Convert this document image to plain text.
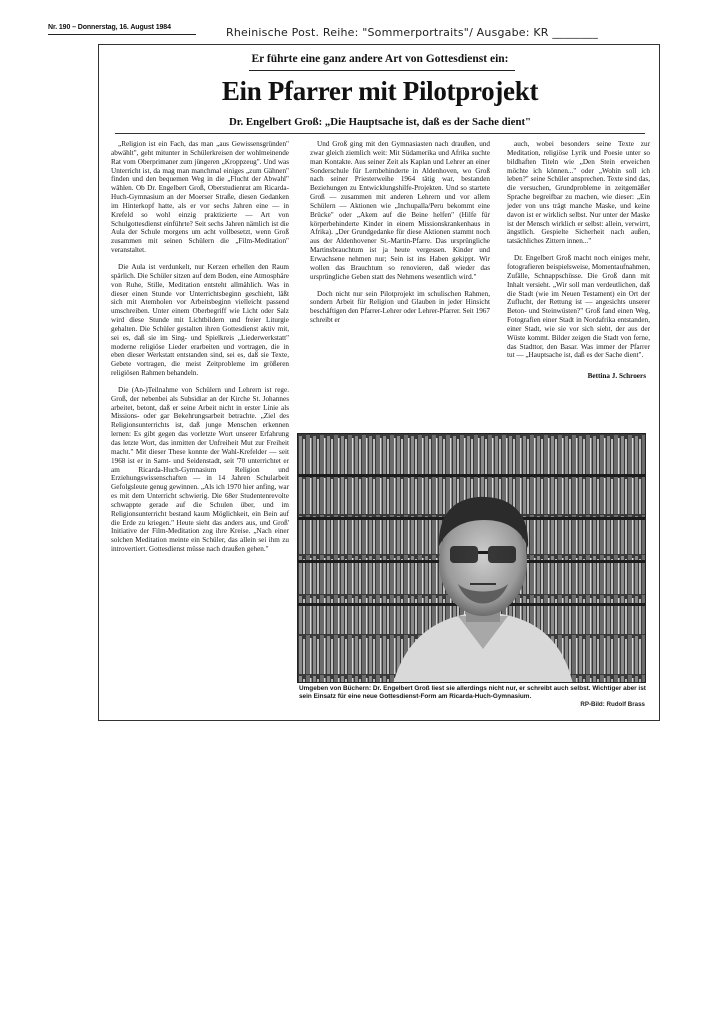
Nr. 190 – Donnerstag, 16. August 1984	Rheinische Post. Reihe: "Sommerportraits"/ Ausgabe: KR ________
Er führte eine ganz andere Art von Gottesdienst ein:
Ein Pfarrer mit Pilotprojekt
Dr. Engelbert Groß: „Die Hauptsache ist, daß es der Sache dient"

„Religion ist ein Fach, das man „aus Gewissensgründen" abwählt", geht mitunter in Schülerkreisen der wohlmeinende Rat vom Oberprimaner zum jüngeren „Kroppzeug". Und was Unterricht ist, da mag man manchmal einiges „zum Gähnen" finden und den bequemen Weg in die „Flucht der Abwahl" wählen. Ob Dr. Engelbert Groß, Oberstudienrat am Ricarda-Huch-Gymnasium an der Moerser Straße, diesen Gedanken im Hinterkopf hatte, als er vor sechs Jahren eine — in Krefeld so wohl einzig praktizierte — Art von Schulgottesdienst einführte? Seit sechs Jahren nämlich ist die Aula der Schule morgens um acht vollbesetzt, wenn Groß zusammen mit seinen Schülern die „Film-Meditation" veranstaltet.

Die Aula ist verdunkelt, nur Kerzen erhellen den Raum spärlich. Die Schüler sitzen auf dem Boden, eine Atmosphäre von Ruhe, Stille, Meditation entsteht allmählich. Was in dieser einen Stunde vor Unterrichtsbeginn geschieht, läßt sich mit Atemholen vor Arbeitsbeginn vielleicht passend umschreiben. Unter einem Oberbegriff wie Licht oder Salz wird diese Stunde mit Lichtbildern und freier Liturgie gehalten. Die Schüler gestalten ihren Gottesdienst aktiv mit, sei es, daß sie im Sing- und Spielkreis „Liederwerkstatt" moderne religiöse Lieder erarbeiten und vortragen, die in eben dieser Werkstatt entstanden sind, sei es, daß sie Texte, Gebete vortragen, die meist Zeitprobleme im größeren religiösen Rahmen behandeln.

Die (An-)Teilnahme von Schülern und Lehrern ist rege. Groß, der nebenbei als Subsidiar an der Kirche St. Johannes arbeitet, betont, daß er seine Arbeit nicht in erster Linie als Missions- oder gar Bekehrungsarbeit betrachte. „Ziel des Religionsunterrichts ist, daß junge Menschen erkennen lernen: Es gibt gegen das vorletzte Wort unserer Erfahrung das letzte Wort, das inmitten der Unfreiheit Mut zur Freiheit macht." Mit dieser These konnte der Wahl-Krefelder — seit 1968 ist er in Samt- und Seidenstadt, seit '70 unterrichtet er am Ricarda-Huch-Gymnasium Religion und Erziehungswissenschaften — in 14 Jahren Schularbeit Gefolgsleute genug gewinnen. „Als ich 1970 hier anfing, war es mit dem Unterricht schwierig. Die 68er Studentenrevolte schwappte gerade auf die Schulen über, und im Religionsunterricht bestand kaum Möglichkeit, ein Bein auf die Erde zu kriegen." Heute sieht das anders aus, und Groß' Initiative der Film-Meditation zog ihre Kreise. „Nach einer solchen Meditation meinte ein Schüler, das allein sei ihm zu introvertiert. Gottesdienst müsse nach draußen gehen."

Und Groß ging mit den Gymnasiasten nach draußen, und zwar gleich ziemlich weit: Mit Südamerika und Afrika suchte man Kontakte. Aus seiner Zeit als Kaplan und Lehrer an einer Sonderschule für Lernbehinderte in Aldenhoven, wo Groß nach seiner Priesterweihe 1964 tätig war, bestanden Beziehungen zu Entwicklungshilfe-Projekten. Und so startete Groß — zusammen mit anderen Lehrern und vor allem Schülern — Aktionen wie „Inchupalla/Peru bekommt eine Brücke" oder „Akem auf die Beine helfen" (Hilfe für körperbehinderte Kinder in einem Missionskrankenhaus in Afrika). „Der Grundgedanke für diese Aktionen stammt noch aus der Aldenhovener St.-Martin-Pfarre. Das ursprüngliche Martinsbrauchtum ist ja heute vergessen. Kinder und Erwachsene nehmen nur; Sein ist ins Haben gekippt. Wir wollen das Brauchtum so renovieren, daß wieder das ursprüngliche Geben statt des Nehmens wesentlich wird."

Doch nicht nur sein Pilotprojekt im schulischen Rahmen, sondern Arbeit für Religion und Glauben in jeder Hinsicht beschäftigen den Pfarrer-Lehrer oder Lehrer-Pfarrer. Seit 1967 schreibt er

auch, wobei besonders seine Texte zur Meditation, religiöse Lyrik und Poesie unter so bildhaften Titeln wie „Den Stein erweichen möchte ich können..." oder „Wohin soll ich leben?" seine Schüler ansprechen. Texte sind das, die versuchen, Grundprobleme in zeitgemäßer Sprache begreifbar zu machen, wie dieser: „Ein jeder von uns trägt manche Maske, und keine davon ist er wirklich selbst. Nur unter der Maske ist der Mensch wirklich er selbst: allein, verwirrt, ängstlich. Gespielte Sicherheit nach außen, tatsächliches Zittern innen..."

Dr. Engelbert Groß macht noch einiges mehr, fotografieren beispielsweise, Momentaufnahmen, Zufälle, Schnappschüsse. Die Groß dann mit Inhalt versieht. „Wir soll man verdeutlichen, daß die Stadt (wie im Neuen Testament) ein Ort der Zuflucht, der Rettung ist — angesichts unserer Beton- und Steinwüsten?" Groß fand einen Weg, Fotografien einer Stadt in Nordafrika entstanden, einer Stadt, wie sie vor sich sieht, der aus der Wüste kommt. Bilder zeigen die Stadt von ferne, das Stadttor, den Basar. Was immer der Pfarrer tut — „Hauptsache ist, daß es der Sache dient".

Bettina J. Schroers
Umgeben von Büchern: Dr. Engelbert Groß liest sie allerdings nicht nur, er schreibt auch selbst. Wichtiger aber ist sein Einsatz für eine neue Gottesdienst-Form am Ricarda-Huch-Gymnasium.
RP-Bild: Rudolf Brass
